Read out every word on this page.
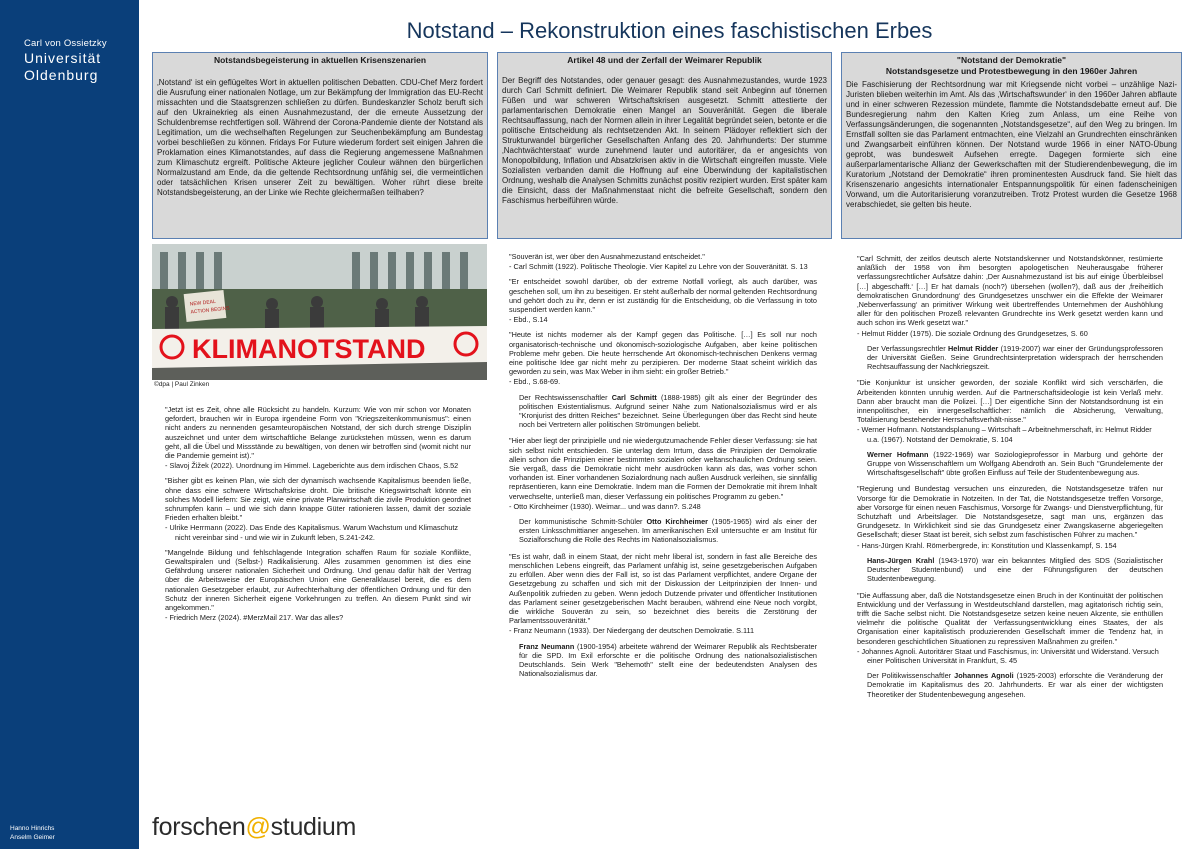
Carl von Ossietzky
Universität
Oldenburg
Hanno Hinrichs
Anselm Geimer
Notstand – Rekonstruktion eines faschistischen Erbes
Notstandsbegeisterung in aktuellen Krisenszenarien

‚Notstand‘ ist ein geflügeltes Wort in aktuellen politischen Debatten. CDU-Chef Merz fordert die Ausrufung einer nationalen Notlage, um zur Bekämpfung der Immigration das EU-Recht missachten und die Staatsgrenzen schließen zu dürfen. Bundeskanzler Scholz beruft sich auf den Ukrainekrieg als einen Ausnahmezustand, der die erneute Aussetzung der Schuldenbremse rechtfertigen soll. Während der Corona-Pandemie diente der Notstand als Legitimation, um die wechselhaften Regelungen zur Seuchenbekämpfung am Bundestag vorbei beschließen zu können. Fridays For Future wiederum fordert seit einigen Jahren die Proklamation eines Klimanotstandes, auf dass die Regierung angemessene Maßnahmen zum Klimaschutz ergreift. Politische Akteure jeglicher Couleur wähnen den bürgerlichen Normalzustand am Ende, da die geltende Rechtsordnung unfähig sei, die vermeintlichen oder tatsächlichen Krisen unserer Zeit zu bewältigen. Woher rührt diese breite Notstandsbegeisterung, an der Linke wie Rechte gleichermaßen teilhaben?

Artikel 48 und der Zerfall der Weimarer Republik

Der Begriff des Notstandes, oder genauer gesagt: des Ausnahmezustandes, wurde 1923 durch Carl Schmitt definiert. Die Weimarer Republik stand seit Anbeginn auf tönernen Füßen und war schweren Wirtschaftskrisen ausgesetzt. Schmitt attestierte der parlamentarischen Demokratie einen Mangel an Souveränität. Gegen die liberale Rechtsauffassung, nach der Normen allein in ihrer Legalität begründet seien, betonte er die politische Entscheidung als rechtsetzenden Akt. In seinem Plädoyer reflektiert sich der Strukturwandel bürgerlicher Gesellschaften Anfang des 20. Jahrhunderts: Der stumme ‚Nachtwächterstaat‘ wurde zunehmend lauter und autoritärer, da er angesichts von Monopolbildung, Inflation und Absatzkrisen aktiv in die Wirtschaft eingreifen musste. Viele Sozialisten verbanden damit die Hoffnung auf eine Überwindung der kapitalistischen Ordnung, weshalb die Analysen Schmitts zunächst positiv rezipiert wurden. Erst später kam die Einsicht, dass der Maßnahmenstaat nicht die befreite Gesellschaft, sondern den Faschismus herbeiführen würde.

"Notstand der Demokratie"
Notstandsgesetze und Protestbewegung in den 1960er Jahren

Die Faschisierung der Rechtsordnung war mit Kriegsende nicht vorbei – unzählige Nazi-Juristen blieben weiterhin im Amt. Als das ‚Wirtschaftswunder‘ in den 1960er Jahren abflaute und in einer schweren Rezession mündete, flammte die Notstandsdebatte erneut auf. Die Bundesregierung nahm den Kalten Krieg zum Anlass, um eine Reihe von Verfassungsänderungen, die sogenannten „Notstandsgesetze“, auf den Weg zu bringen. Im Ernstfall sollten sie das Parlament entmachten, eine Vielzahl an Grundrechten einschränken und Zwangsarbeit einführen können. Der Notstand wurde 1966 in einer NATO-Übung geprobt, was bundesweit Aufsehen erregte. Dagegen formierte sich eine außerparlamentarische Allianz der Gewerkschaften mit der Studierendenbewegung, die im Kuratorium „Notstand der Demokratie“ ihren prominentesten Ausdruck fand. Sie hielt das Krisenszenario angesichts internationaler Entspannungspolitik für einen fadenscheinigen Vorwand, um die Autoritarisierung voranzutreiben. Trotz Protest wurden die Gesetze 1968 verabschiedet, sie gelten bis heute.

NEW DEAL
ACTION BEGINS
KLIMANOTSTAND
©dpa | Paul Zinken

"Jetzt ist es Zeit, ohne alle Rücksicht zu handeln. Kurzum: Wie von mir schon vor Monaten gefordert, brauchen wir in Europa irgendeine Form von "Kriegszeitenkommunismus": einen nicht anders zu nennenden gesamteuropäischen Notstand, der sich durch strenge Disziplin auszeichnet und unter dem wirtschaftliche Belange zurückstehen müssen, wenn es darum geht, all die Übel und Missstände zu bewältigen, von denen wir betroffen sind (womit nicht nur die Pandemie gemeint ist)."

- Slavoj Žižek (2022). Unordnung im Himmel. Lageberichte aus dem irdischen Chaos, S.52

"Bisher gibt es keinen Plan, wie sich der dynamisch wachsende Kapitalismus beenden ließe, ohne dass eine schwere Wirtschaftskrise droht. Die britische Kriegswirtschaft könnte ein solches Modell liefern: Sie zeigt, wie eine private Planwirtschaft die zivile Produktion geordnet schrumpfen kann – und wie sich dann knappe Güter rationieren lassen, damit der soziale Frieden erhalten bleibt."

- Ulrike Herrmann (2022). Das Ende des Kapitalismus. Warum Wachstum und Klimaschutz nicht vereinbar sind - und wie wir in Zukunft leben, S.241-242.

"Mangelnde Bildung und fehlschlagende Integration schaffen Raum für soziale Konflikte, Gewaltspiralen und (Selbst-) Radikalisierung. Alles zusammen genommen ist dies eine Gefährdung unserer nationalen Sicherheit und Ordnung. Und genau dafür hält der Vertrag über die Arbeitsweise der Europäischen Union eine Generalklausel bereit, die es dem nationalen Gesetzgeber erlaubt, zur Aufrechterhaltung der öffentlichen Ordnung und für den Schutz der inneren Sicherheit eigene Vorkehrungen zu treffen. An diesem Punkt sind wir angekommen."

- Friedrich Merz (2024). #MerzMail 217. War das alles?

"Souverän ist, wer über den Ausnahmezustand entscheidet."

- Carl Schmitt (1922). Politische Theologie. Vier Kapitel zu Lehre von der Souveränität. S. 13

"Er entscheidet sowohl darüber, ob der extreme Notfall vorliegt, als auch darüber, was geschehen soll, um ihn zu beseitigen. Er steht außerhalb der normal geltenden Rechtsordnung und gehört doch zu ihr, denn er ist zuständig für die Entscheidung, ob die Verfassung in toto suspendiert werden kann."

- Ebd., S.14

"Heute ist nichts moderner als der Kampf gegen das Politische. […] Es soll nur noch organisatorisch-technische und ökonomisch-soziologische Aufgaben, aber keine politischen Probleme mehr geben. Die heute herrschende Art ökonomisch-technischen Denkens vermag eine politische Idee gar nicht mehr zu perzipieren. Der moderne Staat scheint wirklich das geworden zu sein, was Max Weber in ihm sieht: ein großer Betrieb."

- Ebd., S.68-69.

Der Rechtswissenschaftler Carl Schmitt (1888-1985) gilt als einer der Begründer des politischen Existentialismus. Aufgrund seiner Nähe zum Nationalsozialismus wird er als "Kronjurist des dritten Reiches" bezeichnet. Seine Überlegungen über das Recht sind heute noch bei Vertretern aller politischen Strömungen beliebt.

"Hier aber liegt der prinzipielle und nie wiedergutzumachende Fehler dieser Verfassung: sie hat sich selbst nicht entschieden. Sie unterlag dem Irrtum, dass die Prinzipien der Demokratie allein schon die Prinzipien einer bestimmten sozialen oder weltanschaulichen Ordnung seien. Sie vergaß, dass die Demokratie nicht mehr ausdrücken kann als das, was vorher schon vorhanden ist. Einer vorhandenen Sozialordnung nach außen Ausdruck verleihen, sie sinnfällig repräsentieren, kann eine Demokratie. Indem man die Formen der Demokratie mit ihrem Inhalt verwechselte, unterließ man, dieser Verfassung ein politisches Programm zu geben."

- Otto Kirchheimer (1930). Weimar... und was dann?. S.248

Der kommunistische Schmitt-Schüler Otto Kirchheimer (1905-1965) wird als einer der ersten Linksschmittianer angesehen. Im amerikanischen Exil untersuchte er am Institut für Sozialforschung die Rolle des Rechts im Nationalsozialismus.

"Es ist wahr, daß in einem Staat, der nicht mehr liberal ist, sondern in fast alle Bereiche des menschlichen Lebens eingreift, das Parlament unfähig ist, seine gesetzgeberischen Aufgaben zu erfüllen. Aber wenn dies der Fall ist, so ist das Parlament verpflichtet, andere Organe der Gesetzgebung zu schaffen und sich mit der Diskussion der Leitprinzipien der Innen- und Außenpolitik zufrieden zu geben. Wenn jedoch Dutzende privater und öffentlicher Institutionen das Parlament seiner gesetzgeberischen Macht berauben, während eine Neue noch vorgibt, die wirkliche Souverän zu sein, so bezeichnet dies bereits die Zerstörung der Parlamentssouveränität."

- Franz Neumann (1933). Der Niedergang der deutschen Demokratie. S.111

Franz Neumann (1900-1954) arbeitete während der Weimarer Republik als Rechtsberater für die SPD. Im Exil erforschte er die politische Ordnung des nationalsozialistischen Deutschlands. Sein Werk "Behemoth" stellt eine der bedeutendsten Analysen des Nationalsozialismus dar.

"Carl Schmitt, der zeitlos deutsch alerte Notstandskenner und Notstandskönner, resümierte anläßlich der 1958 von ihm besorgten apologetischen Neuherausgabe früherer verfassungsrechtlicher Aufsätze dahin: ‚Der Ausnahmezustand ist bis auf einige Überbleibsel […] abgeschafft.‘ […] Er hat damals (noch?) übersehen (wollen?), daß aus der ‚freiheitlich demokratischen Grundordnung‘ des Grundgesetzes unschwer ein die Effekte der Weimarer ‚Nebenverfassung‘ an primitiver Wirkung weit übertreffendes Unternehmen der Aushöhlung aller für den politischen Prozeß relevanten Grundrechte ins Werk gesetzt werden kann und auch schon ins Werk gesetzt war."

- Helmut Ridder (1975). Die soziale Ordnung des Grundgesetzes, S. 60

Der Verfassungsrechtler Helmut Ridder (1919-2007) war einer der Gründungsprofessoren der Universität Gießen. Seine Grundrechtsinterpretation widersprach der herrschenden Rechtsauffassung der Nachkriegszeit.

"Die Konjunktur ist unsicher geworden, der soziale Konflikt wird sich verschärfen, die Arbeitenden könnten unruhig werden. Auf die Partnerschaftsideologie ist kein Verlaß mehr. Dann aber braucht man die Polizei. […] Der eigentliche Sinn der Notstandsordnung ist ein innenpolitischer, ein innergesellschaftlicher: nämlich die Absicherung, Verwaltung, Totalisierung bestehender Herrschaftsverhält-nisse."

- Werner Hofmann. Notstandsplanung – Wirtschaft – Arbeitnehmerschaft, in: Helmut Ridder u.a. (1967). Notstand der Demokratie, S. 104

Werner Hofmann (1922-1969) war Soziologieprofessor in Marburg und gehörte der Gruppe von Wissenschaftlern um Wolfgang Abendroth an. Sein Buch "Grundelemente der Wirtschaftsgesellschaft" übte großen Einfluss auf Teile der Studentenbewegung aus.

"Regierung und Bundestag versuchen uns einzureden, die Notstandsgesetze träfen nur Vorsorge für die Demokratie in Notzeiten. In der Tat, die Notstandsgesetze treffen Vorsorge, aber Vorsorge für einen neuen Faschismus, Vorsorge für Zwangs- und Dienstverpflichtung, für Schutzhaft und Arbeitslager. Die Notstandsgesetze, sagt man uns, ergänzen das Grundgesetz. In Wirklichkeit sind sie das Grundgesetz einer Zwangskaserne abgeriegelten Gesellschaft; dieser Staat ist bereit, sich selbst zum faschistischen Führer zu machen."

- Hans-Jürgen Krahl. Römerbergrede, in: Konstitution und Klassenkampf, S. 154

Hans-Jürgen Krahl (1943-1970) war ein bekanntes Mitglied des SDS (Sozialistischer Deutscher Studentenbund) und eine der Führungsfiguren der deutschen Studentenbewegung.

"Die Auffassung aber, daß die Notstandsgesetze einen Bruch in der Kontinuität der politischen Entwicklung und der Verfassung in Westdeutschland darstellen, mag agitatorisch richtig sein, trifft die Sache selbst nicht. Die Notstandsgesetze setzen keine neuen Akzente, sie enthüllen vielmehr die politische Qualität der Verfassungsentwicklung eines Staates, der als Organisation einer kapitalistisch produzierenden Gesellschaft immer die Tendenz hat, in besonderen geschichtlichen Situationen zu repressiven Maßnahmen zu greifen."

- Johannes Agnoli. Autoritärer Staat und Faschismus, in: Universität und Widerstand. Versuch einer Politischen Universität in Frankfurt, S. 45

Der Politikwissenschaftler Johannes Agnoli (1925-2003) erforschte die Veränderung der Demokratie im Kapitalismus des 20. Jahrhunderts. Er war als einer der wichtigsten Theoretiker der Studentenbewegung angesehen.

forschen@studium
